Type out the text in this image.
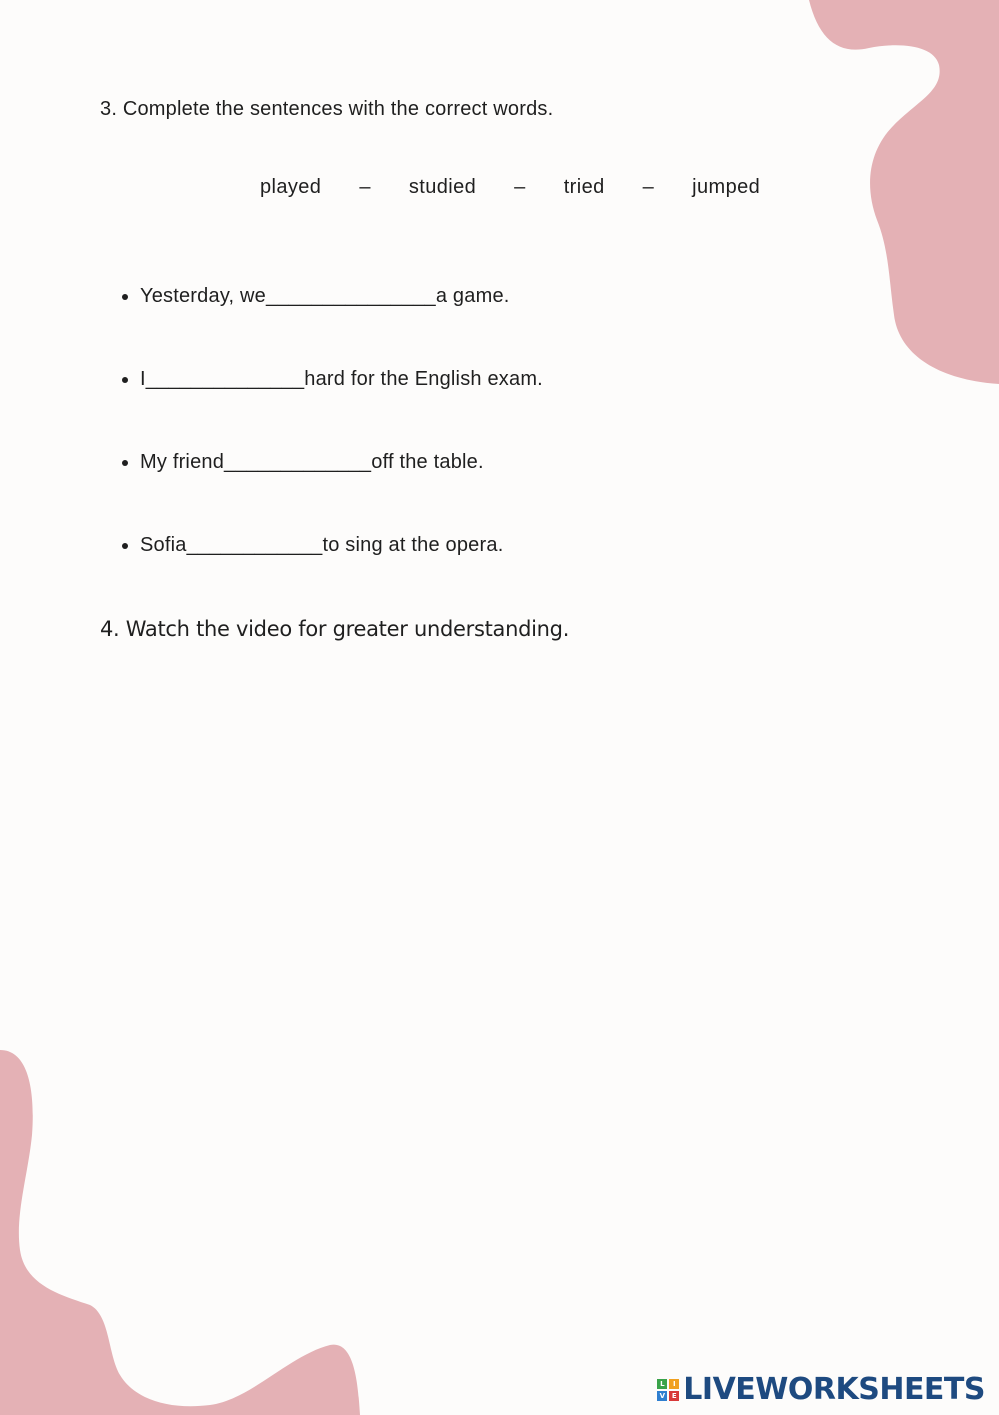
3. Complete the sentences with the correct words.
played – studied – tried – jumped
Yesterday, we_______________a game.
I______________hard for the English exam.
My friend_____________off the table.
Sofia____________to sing at the opera.
4. Watch the video for greater understanding.
L	I
V E LIVEWORKSHEETS
